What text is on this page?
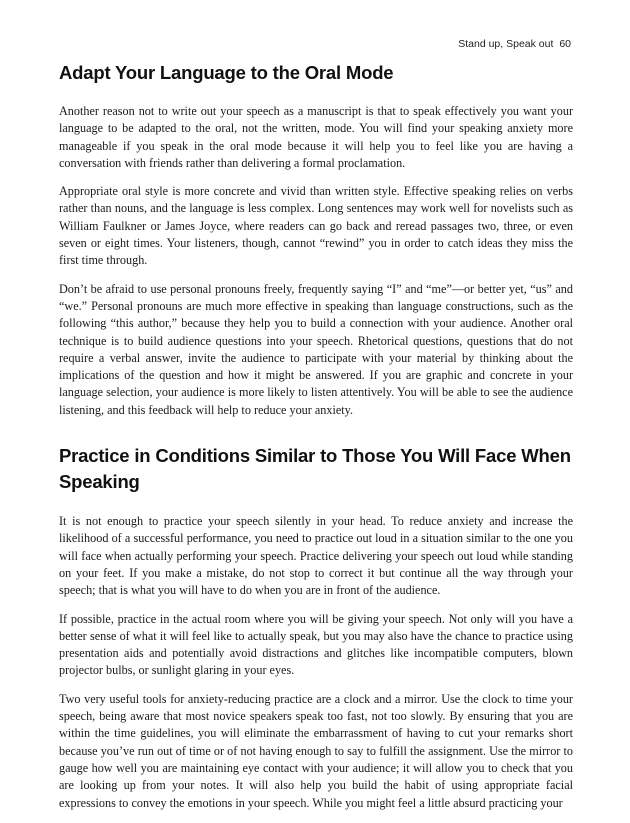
Stand up, Speak out 60
Adapt Your Language to the Oral Mode

Another reason not to write out your speech as a manuscript is that to speak effectively you want your language to be adapted to the oral, not the written, mode. You will find your speaking anxiety more manageable if you speak in the oral mode because it will help you to feel like you are having a conversation with friends rather than delivering a formal proclamation.

Appropriate oral style is more concrete and vivid than written style. Effective speaking relies on verbs rather than nouns, and the language is less complex. Long sentences may work well for novelists such as William Faulkner or James Joyce, where readers can go back and reread passages two, three, or even seven or eight times. Your listeners, though, cannot “rewind” you in order to catch ideas they miss the first time through.

Don’t be afraid to use personal pronouns freely, frequently saying “I” and “me”—or better yet, “us” and “we.” Personal pronouns are much more effective in speaking than language constructions, such as the following “this author,” because they help you to build a connection with your audience. Another oral technique is to build audience questions into your speech. Rhetorical questions, questions that do not require a verbal answer, invite the audience to participate with your material by thinking about the implications of the question and how it might be answered. If you are graphic and concrete in your language selection, your audience is more likely to listen attentively. You will be able to see the audience listening, and this feedback will help to reduce your anxiety.

Practice in Conditions Similar to Those You Will Face When Speaking

It is not enough to practice your speech silently in your head. To reduce anxiety and increase the likelihood of a successful performance, you need to practice out loud in a situation similar to the one you will face when actually performing your speech. Practice delivering your speech out loud while standing on your feet. If you make a mistake, do not stop to correct it but continue all the way through your speech; that is what you will have to do when you are in front of the audience.

If possible, practice in the actual room where you will be giving your speech. Not only will you have a better sense of what it will feel like to actually speak, but you may also have the chance to practice using presentation aids and potentially avoid distractions and glitches like incompatible computers, blown projector bulbs, or sunlight glaring in your eyes.

Two very useful tools for anxiety-reducing practice are a clock and a mirror. Use the clock to time your speech, being aware that most novice speakers speak too fast, not too slowly. By ensuring that you are within the time guidelines, you will eliminate the embarrassment of having to cut your remarks short because you’ve run out of time or of not having enough to say to fulfill the assignment. Use the mirror to gauge how well you are maintaining eye contact with your audience; it will allow you to check that you are looking up from your notes. It will also help you build the habit of using appropriate facial expressions to convey the emotions in your speech. While you might feel a little absurd practicing your
